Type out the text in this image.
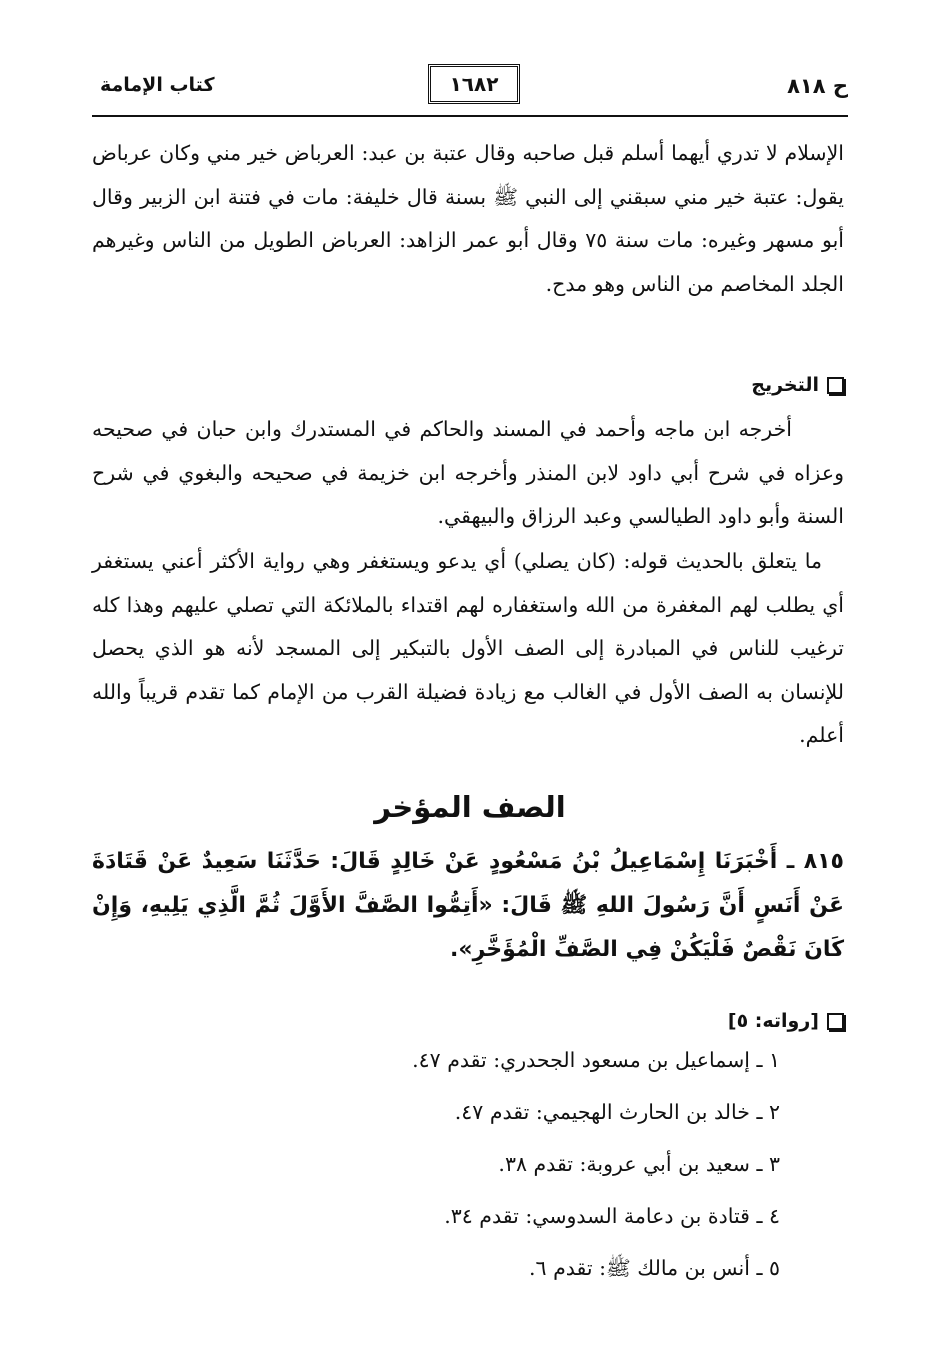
ح ٨١٨
١٦٨٢
كتاب الإمامة
الإسلام لا تدري أيهما أسلم قبل صاحبه وقال عتبة بن عبد: العرباض خير مني وكان عرباض يقول: عتبة خير مني سبقني إلى النبي ﷺ بسنة قال خليفة: مات في فتنة ابن الزبير وقال أبو مسهر وغيره: مات سنة ٧٥ وقال أبو عمر الزاهد: العرباض الطويل من الناس وغيرهم الجلد المخاصم من الناس وهو مدح.
التخريج
أخرجه ابن ماجه وأحمد في المسند والحاكم في المستدرك وابن حبان في صحيحه وعزاه في شرح أبي داود لابن المنذر وأخرجه ابن خزيمة في صحيحه والبغوي في شرح السنة وأبو داود الطيالسي وعبد الرزاق والبيهقي.
ما يتعلق بالحديث قوله: (كان يصلي) أي يدعو ويستغفر وهي رواية الأكثر أعني يستغفر أي يطلب لهم المغفرة من الله واستغفاره لهم اقتداء بالملائكة التي تصلي عليهم وهذا كله ترغيب للناس في المبادرة إلى الصف الأول بالتبكير إلى المسجد لأنه هو الذي يحصل للإنسان به الصف الأول في الغالب مع زيادة فضيلة القرب من الإمام كما تقدم قريباً والله أعلم.
الصف المؤخر
٨١٥ ـ أَخْبَرَنَا إِسْمَاعِيلُ بْنُ مَسْعُودٍ عَنْ خَالِدٍ قَالَ: حَدَّثَنَا سَعِيدٌ عَنْ قَتَادَةَ عَنْ أَنَسٍ أَنَّ رَسُولَ اللهِ ﷺ قَالَ: «أَتِمُّوا الصَّفَّ الأَوَّلَ ثُمَّ الَّذِي يَلِيهِ، وَإِنْ كَانَ نَقْصٌ فَلْيَكُنْ فِي الصَّفِّ الْمُؤَخَّرِ».
[رواته: ٥]
١ ـ إسماعيل بن مسعود الجحدري: تقدم ٤٧.
٢ ـ خالد بن الحارث الهجيمي: تقدم ٤٧.
٣ ـ سعيد بن أبي عروبة: تقدم ٣٨.
٤ ـ قتادة بن دعامة السدوسي: تقدم ٣٤.
٥ ـ أنس بن مالك ﷺ: تقدم ٦.
